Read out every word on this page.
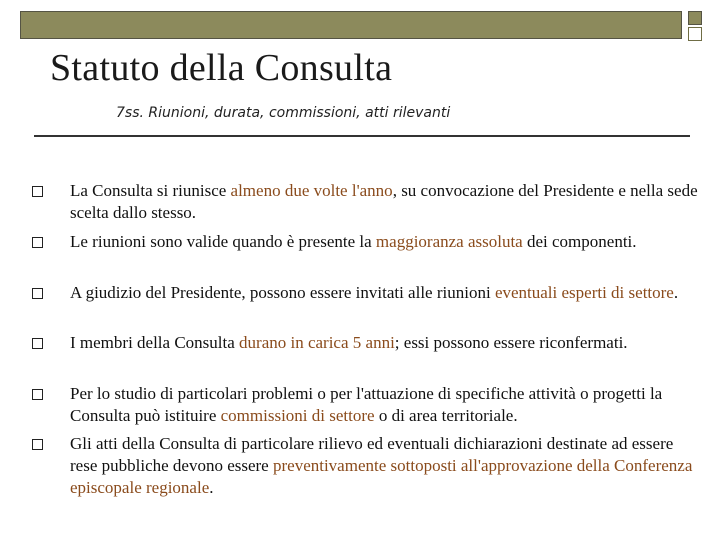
Statuto della Consulta
7ss. Riunioni, durata, commissioni, atti rilevanti

La Consulta si riunisce almeno due volte l'anno, su convocazione del Presidente e nella sede scelta dallo stesso.

Le riunioni sono valide quando è presente la maggioranza assoluta dei componenti.

A giudizio del Presidente, possono essere invitati alle riunioni eventuali esperti di settore.

I membri della Consulta durano in carica 5 anni; essi possono essere riconfermati.

Per lo studio di particolari problemi o per l'attuazione di specifiche attività o progetti la Consulta può istituire commissioni di settore o di area territoriale.

Gli atti della Consulta di particolare rilievo ed eventuali dichiarazioni destinate ad essere rese pubbliche devono essere preventivamente sottoposti all'approvazione della Conferenza episcopale regionale.
